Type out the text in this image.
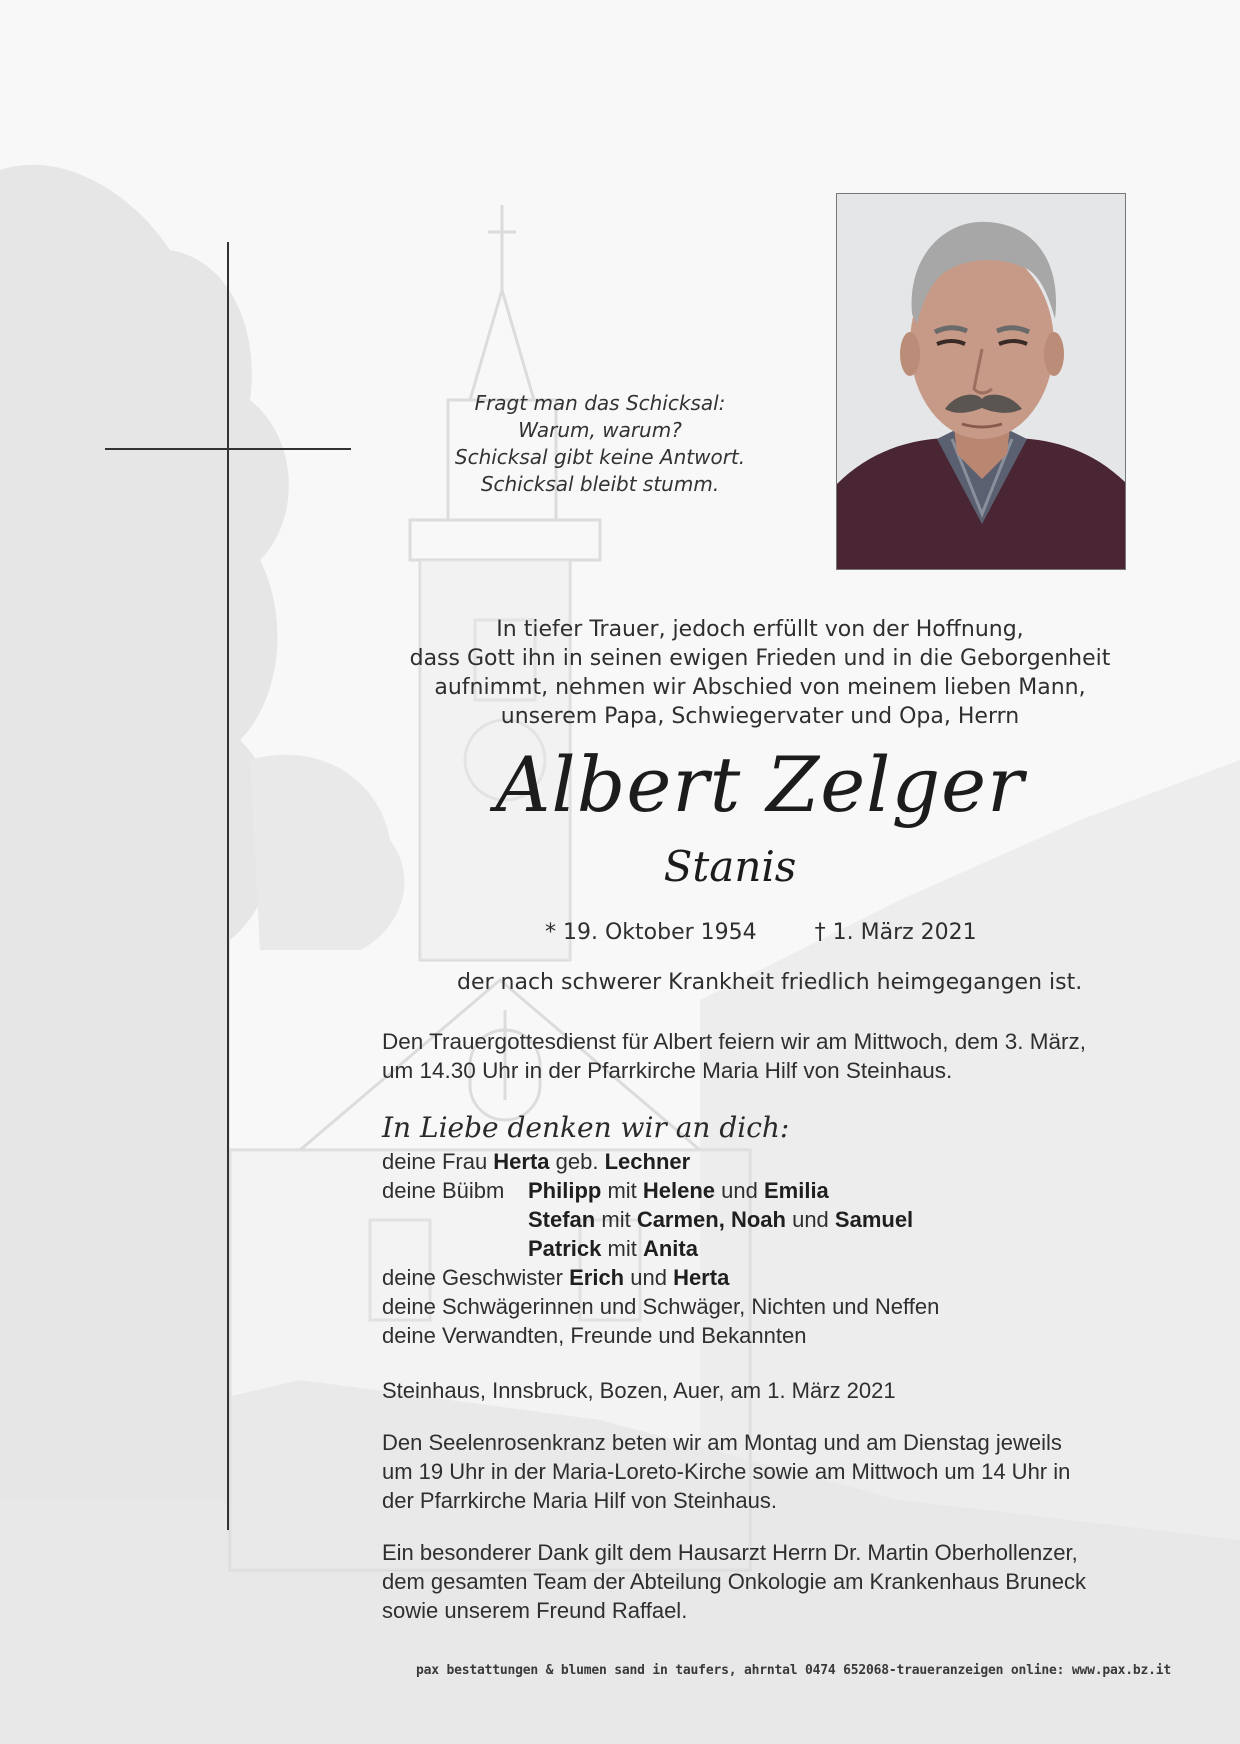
Fragt man das Schicksal:
Warum, warum?
Schicksal gibt keine Antwort.
Schicksal bleibt stumm.
In tiefer Trauer, jedoch erfüllt von der Hoffnung,
dass Gott ihn in seinen ewigen Frieden und in die Geborgenheit
aufnimmt, nehmen wir Abschied von meinem lieben Mann,
unserem Papa, Schwiegervater und Opa, Herrn
Albert Zelger
Stanis
* 19. Oktober 1954	† 1. März 2021
der nach schwerer Krankheit friedlich heimgegangen ist.
Den Trauergottesdienst für Albert feiern wir am Mittwoch, dem 3. März,
um 14.30 Uhr in der Pfarrkirche Maria Hilf von Steinhaus.
In Liebe denken wir an dich:
deine Frau Herta geb. Lechner
deine Büibm Philipp mit Helene und Emilia
Stefan mit Carmen, Noah und Samuel
Patrick mit Anita
deine Geschwister Erich und Herta
deine Schwägerinnen und Schwäger, Nichten und Neffen
deine Verwandten, Freunde und Bekannten
Steinhaus, Innsbruck, Bozen, Auer, am 1. März 2021
Den Seelenrosenkranz beten wir am Montag und am Dienstag jeweils
um 19 Uhr in der Maria-Loreto-Kirche sowie am Mittwoch um 14 Uhr in
der Pfarrkirche Maria Hilf von Steinhaus.
Ein besonderer Dank gilt dem Hausarzt Herrn Dr. Martin Oberhollenzer,
dem gesamten Team der Abteilung Onkologie am Krankenhaus Bruneck
sowie unserem Freund Raffael.
pax bestattungen & blumen sand in taufers, ahrntal 0474 652068-traueranzeigen online: www.pax.bz.it
